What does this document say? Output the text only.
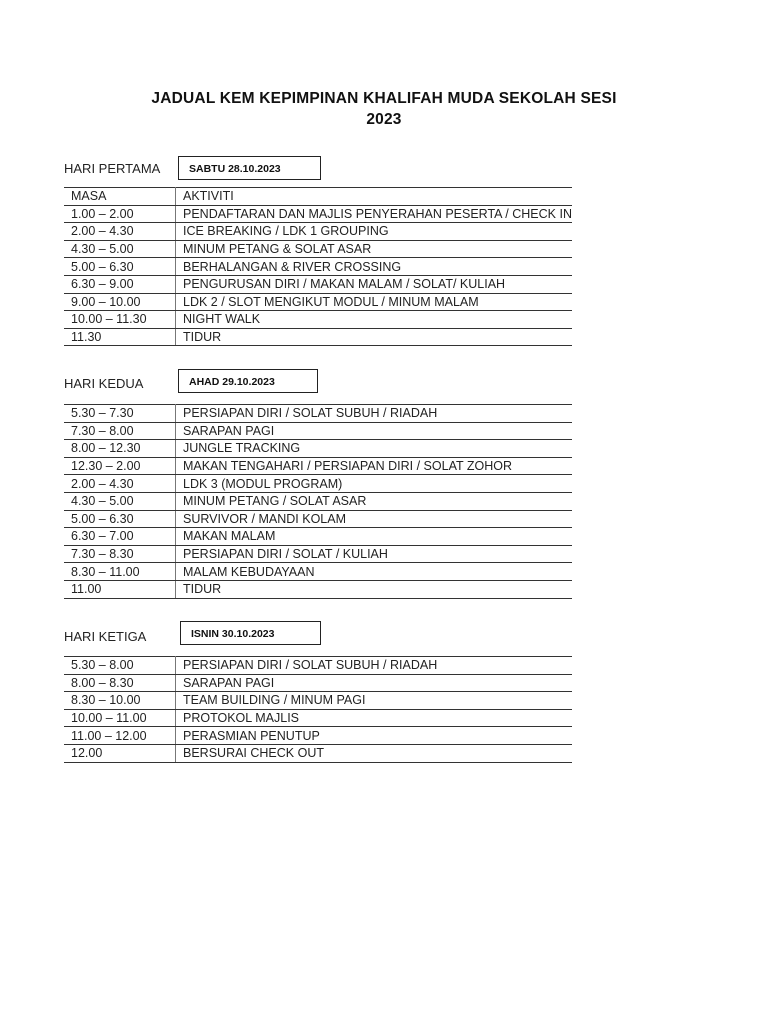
JADUAL KEM KEPIMPINAN KHALIFAH MUDA SEKOLAH SESI
2023
HARI PERTAMA	SABTU 28.10.2023
MASA	AKTIVITI
1.00 – 2.00	PENDAFTARAN DAN MAJLIS PENYERAHAN PESERTA / CHECK IN
2.00 – 4.30	ICE BREAKING / LDK 1 GROUPING
4.30 – 5.00	MINUM PETANG & SOLAT ASAR
5.00 – 6.30	BERHALANGAN & RIVER CROSSING
6.30 – 9.00	PENGURUSAN DIRI / MAKAN MALAM / SOLAT/ KULIAH
9.00 – 10.00	LDK 2 / SLOT MENGIKUT MODUL / MINUM MALAM
10.00 – 11.30	NIGHT WALK
11.30	TIDUR
HARI KEDUA	AHAD 29.10.2023
5.30 – 7.30	PERSIAPAN DIRI / SOLAT SUBUH / RIADAH
7.30 – 8.00	SARAPAN PAGI
8.00 – 12.30	JUNGLE TRACKING
12.30 – 2.00	MAKAN TENGAHARI / PERSIAPAN DIRI / SOLAT ZOHOR
2.00 – 4.30	LDK 3 (MODUL PROGRAM)
4.30 – 5.00	MINUM PETANG / SOLAT ASAR
5.00 – 6.30	SURVIVOR / MANDI KOLAM
6.30 – 7.00	MAKAN MALAM
7.30 – 8.30	PERSIAPAN DIRI / SOLAT / KULIAH
8.30 – 11.00	MALAM KEBUDAYAAN
11.00	TIDUR
HARI KETIGA	ISNIN 30.10.2023
5.30 – 8.00	PERSIAPAN DIRI / SOLAT SUBUH / RIADAH
8.00 – 8.30	SARAPAN PAGI
8.30 – 10.00	TEAM BUILDING / MINUM PAGI
10.00 – 11.00	PROTOKOL MAJLIS
11.00 – 12.00	PERASMIAN PENUTUP
12.00	BERSURAI CHECK OUT
